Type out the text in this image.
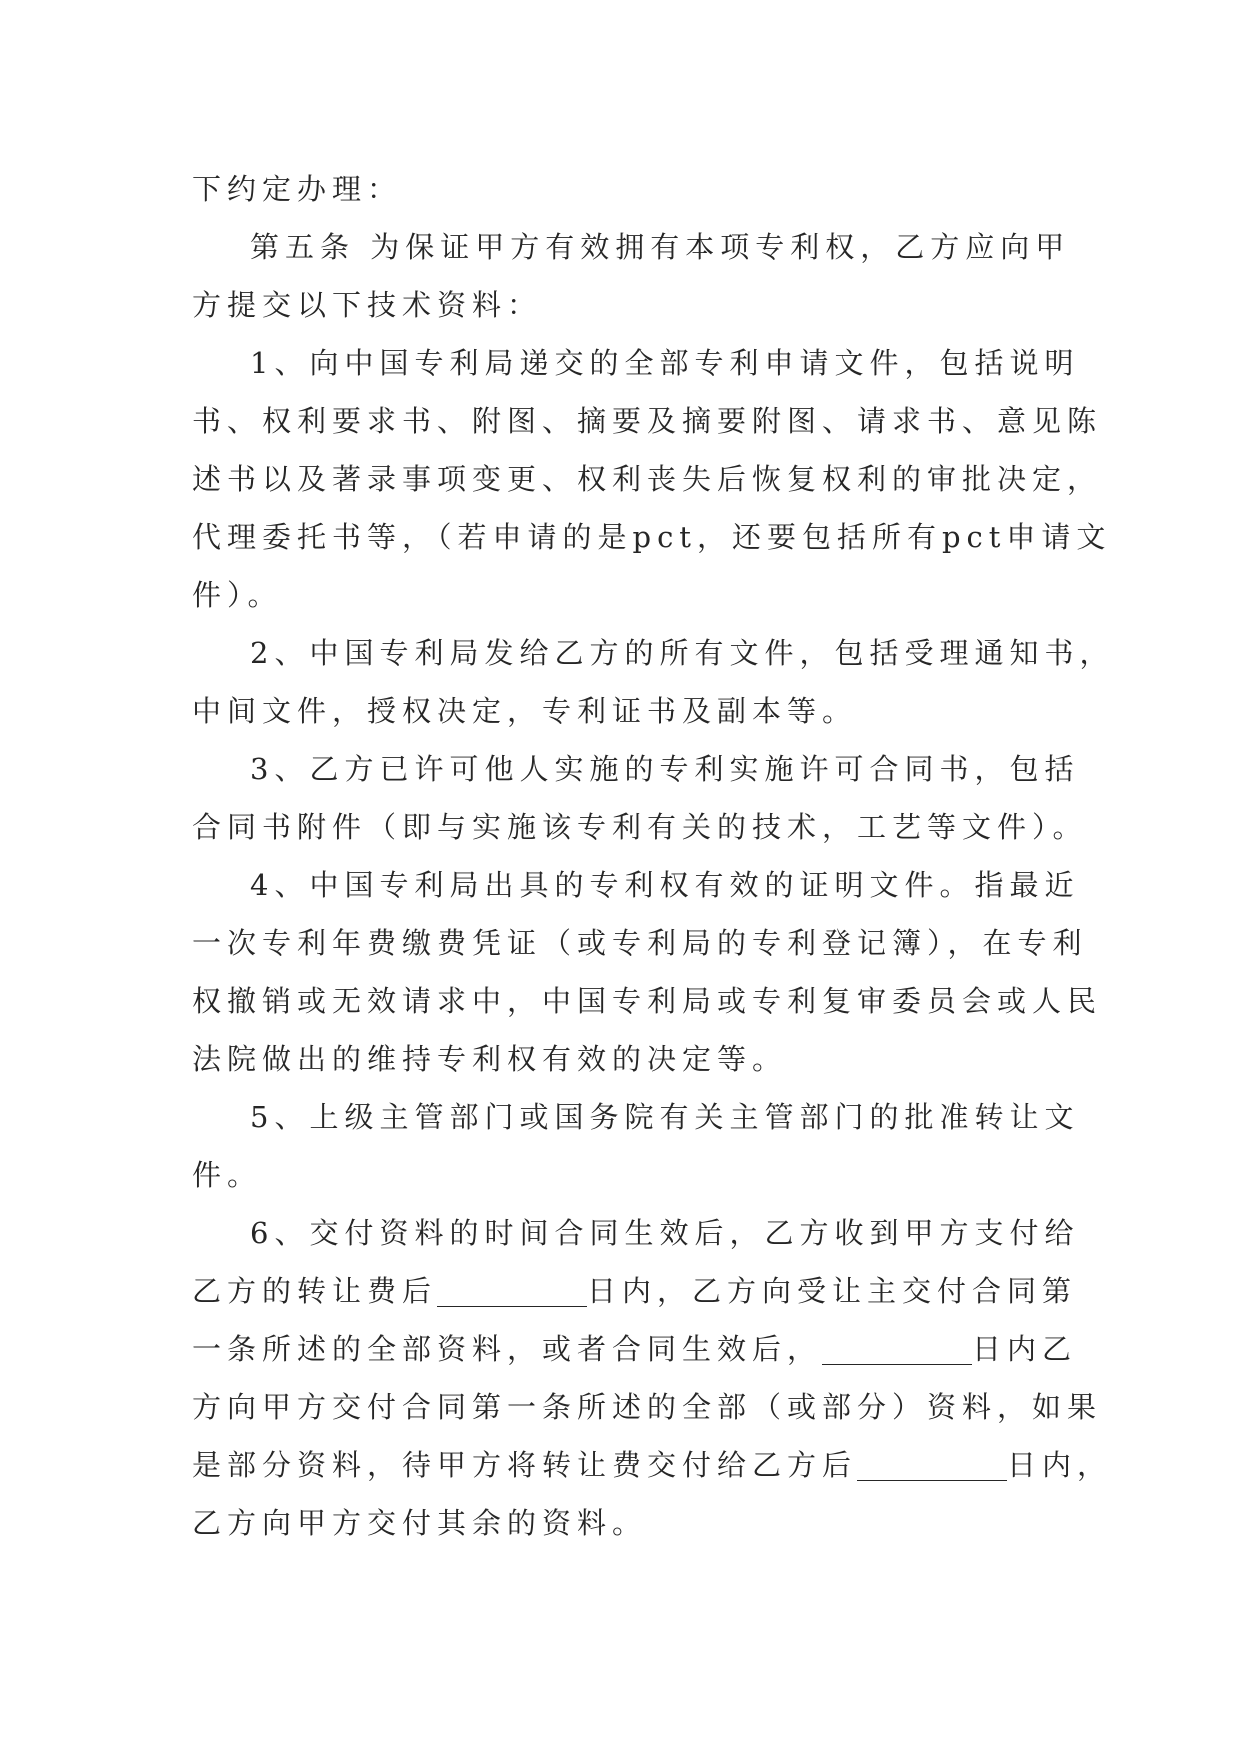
下约定办理：
第五条 为保证甲方有效拥有本项专利权，乙方应向甲
方提交以下技术资料：
1、向中国专利局递交的全部专利申请文件，包括说明
书、权利要求书、附图、摘要及摘要附图、请求书、意见陈
述书以及著录事项变更、权利丧失后恢复权利的审批决定，
代理委托书等，（若申请的是pct，还要包括所有pct申请文
件）。
2、中国专利局发给乙方的所有文件，包括受理通知书，
中间文件，授权决定，专利证书及副本等。
3、乙方已许可他人实施的专利实施许可合同书，包括
合同书附件（即与实施该专利有关的技术，工艺等文件）。
4、中国专利局出具的专利权有效的证明文件。指最近
一次专利年费缴费凭证（或专利局的专利登记簿），在专利
权撤销或无效请求中，中国专利局或专利复审委员会或人民
法院做出的维持专利权有效的决定等。
5、上级主管部门或国务院有关主管部门的批准转让文
件。
6、交付资料的时间合同生效后，乙方收到甲方支付给
乙方的转让费后	日内，乙方向受让主交付合同第
一条所述的全部资料，或者合同生效后，	日内乙
方向甲方交付合同第一条所述的全部（或部分）资料，如果
是部分资料，待甲方将转让费交付给乙方后	日内，
乙方向甲方交付其余的资料。
